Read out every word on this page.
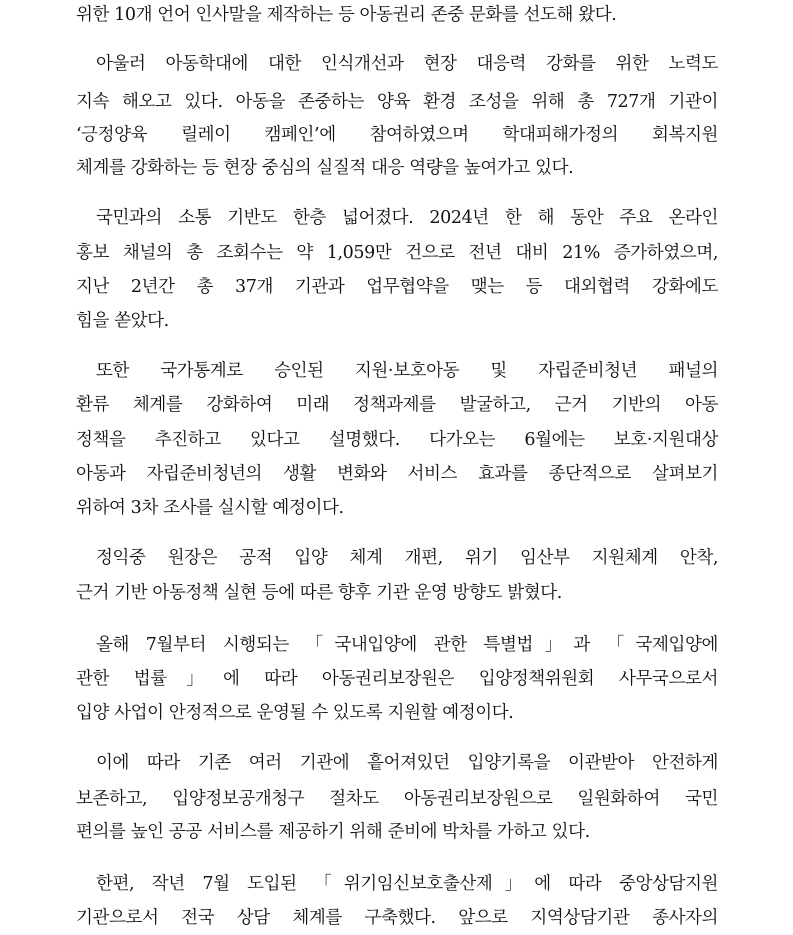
위한 10개 언어 인사말을 제작하는 등 아동권리 존중 문화를 선도해 왔다.
아울러 아동학대에 대한 인식개선과 현장 대응력 강화를 위한 노력도
지속 해오고 있다. 아동을 존중하는 양육 환경 조성을 위해 총 727개 기관이
‘긍정양육 릴레이 캠페인’에 참여하였으며 학대피해가정의 회복지원
체계를 강화하는 등 현장 중심의 실질적 대응 역량을 높여가고 있다.
국민과의 소통 기반도 한층 넓어졌다. 2024년 한 해 동안 주요 온라인
홍보 채널의 총 조회수는 약 1,059만 건으로 전년 대비 21% 증가하였으며,
지난 2년간 총 37개 기관과 업무협약을 맺는 등 대외협력 강화에도
힘을 쏟았다.
또한 국가통계로 승인된 지원·보호아동 및 자립준비청년 패널의
환류 체계를 강화하여 미래 정책과제를 발굴하고, 근거 기반의 아동
정책을 추진하고 있다고 설명했다. 다가오는 6월에는 보호·지원대상
아동과 자립준비청년의 생활 변화와 서비스 효과를 종단적으로 살펴보기
위하여 3차 조사를 실시할 예정이다.
정익중 원장은 공적 입양 체계 개편, 위기 임산부 지원체계 안착,
근거 기반 아동정책 실현 등에 따른 향후 기관 운영 방향도 밝혔다.
올해 7월부터 시행되는 「국내입양에 관한 특별법」과 「국제입양에
관한 법률」에 따라 아동권리보장원은 입양정책위원회 사무국으로서
입양 사업이 안정적으로 운영될 수 있도록 지원할 예정이다.
이에 따라 기존 여러 기관에 흩어져있던 입양기록을 이관받아 안전하게
보존하고, 입양정보공개청구 절차도 아동권리보장원으로 일원화하여 국민
편의를 높인 공공 서비스를 제공하기 위해 준비에 박차를 가하고 있다.
한편, 작년 7월 도입된 「위기임신보호출산제」에 따라 중앙상담지원
기관으로서 전국 상담 체계를 구축했다. 앞으로 지역상담기관 종사자의
